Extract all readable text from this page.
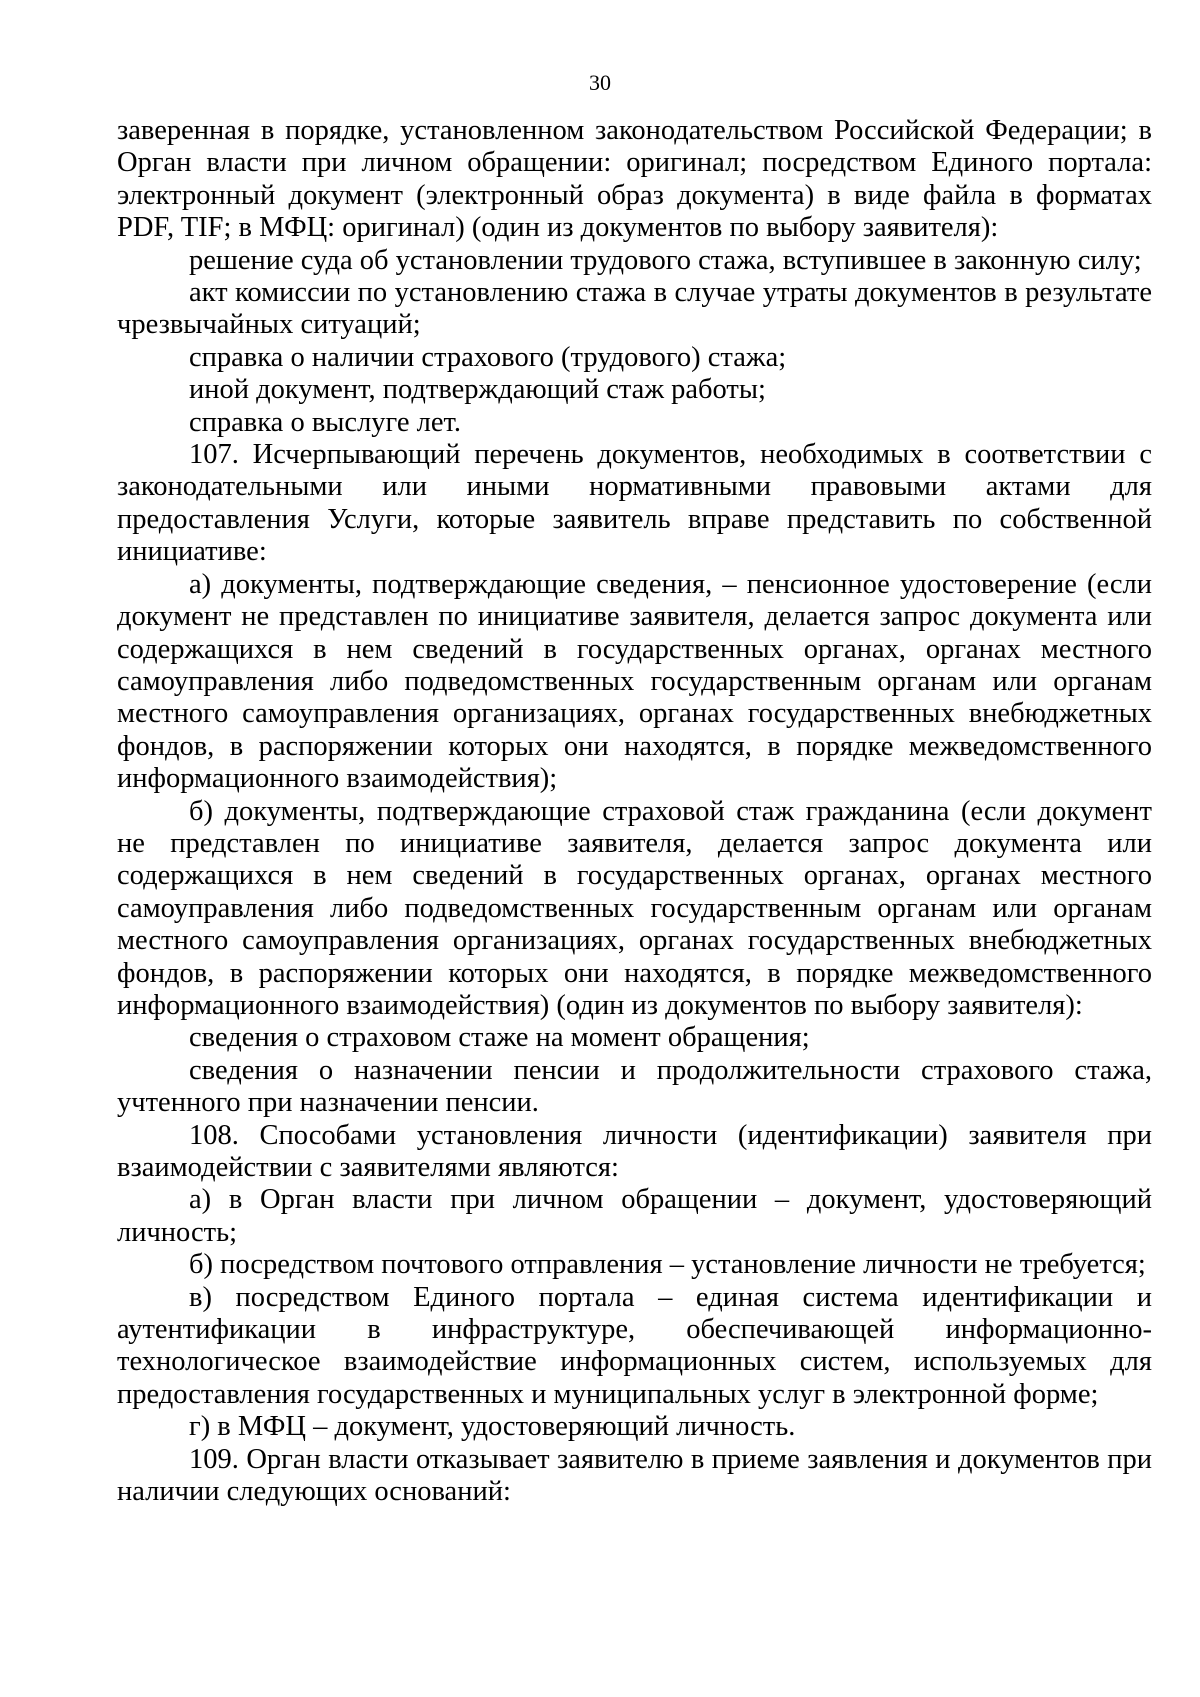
30

заверенная в порядке, установленном законодательством Российской Федерации; в Орган власти при личном обращении: оригинал; посредством Единого портала: электронный документ (электронный образ документа) в виде файла в форматах PDF, TIF; в МФЦ: оригинал) (один из документов по выбору заявителя):

решение суда об установлении трудового стажа, вступившее в законную силу;

акт комиссии по установлению стажа в случае утраты документов в результате чрезвычайных ситуаций;

справка о наличии страхового (трудового) стажа;

иной документ, подтверждающий стаж работы;

справка о выслуге лет.

107. Исчерпывающий перечень документов, необходимых в соответствии с законодательными или иными нормативными правовыми актами для предоставления Услуги, которые заявитель вправе представить по собственной инициативе:

а) документы, подтверждающие сведения, – пенсионное удостоверение (если документ не представлен по инициативе заявителя, делается запрос документа или содержащихся в нем сведений в государственных органах, органах местного самоуправления либо подведомственных государственным органам или органам местного самоуправления организациях, органах государственных внебюджетных фондов, в распоряжении которых они находятся, в порядке межведомственного информационного взаимодействия);

б) документы, подтверждающие страховой стаж гражданина (если документ не представлен по инициативе заявителя, делается запрос документа или содержащихся в нем сведений в государственных органах, органах местного самоуправления либо подведомственных государственным органам или органам местного самоуправления организациях, органах государственных внебюджетных фондов, в распоряжении которых они находятся, в порядке межведомственного информационного взаимодействия) (один из документов по выбору заявителя):

сведения о страховом стаже на момент обращения;

сведения о назначении пенсии и продолжительности страхового стажа, учтенного при назначении пенсии.

108. Способами установления личности (идентификации) заявителя при взаимодействии с заявителями являются:

а) в Орган власти при личном обращении – документ, удостоверяющий личность;

б) посредством почтового отправления – установление личности не требуется;

в) посредством Единого портала – единая система идентификации и аутентификации в инфраструктуре, обеспечивающей информационно-технологическое взаимодействие информационных систем, используемых для предоставления государственных и муниципальных услуг в электронной форме;

г) в МФЦ – документ, удостоверяющий личность.

109. Орган власти отказывает заявителю в приеме заявления и документов при наличии следующих оснований:
